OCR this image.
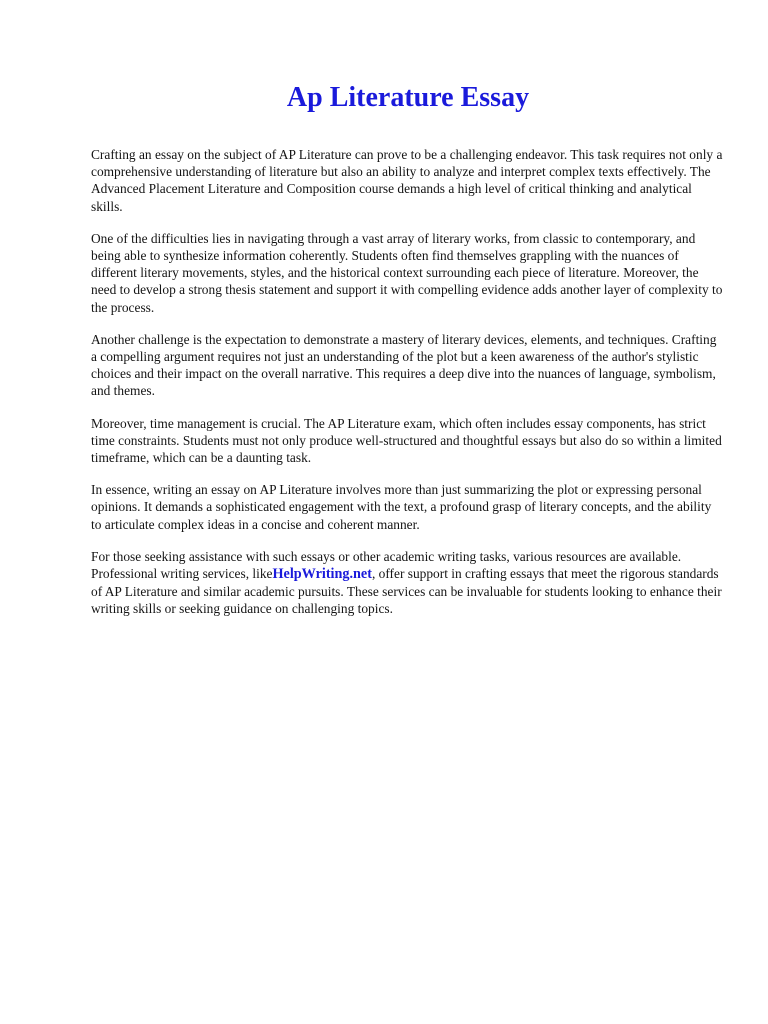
Ap Literature Essay

Crafting an essay on the subject of AP Literature can prove to be a challenging endeavor. This task requires not only a comprehensive understanding of literature but also an ability to analyze and interpret complex texts effectively. The Advanced Placement Literature and Composition course demands a high level of critical thinking and analytical skills.

One of the difficulties lies in navigating through a vast array of literary works, from classic to contemporary, and being able to synthesize information coherently. Students often find themselves grappling with the nuances of different literary movements, styles, and the historical context surrounding each piece of literature. Moreover, the need to develop a strong thesis statement and support it with compelling evidence adds another layer of complexity to the process.

Another challenge is the expectation to demonstrate a mastery of literary devices, elements, and techniques. Crafting a compelling argument requires not just an understanding of the plot but a keen awareness of the author's stylistic choices and their impact on the overall narrative. This requires a deep dive into the nuances of language, symbolism, and themes.

Moreover, time management is crucial. The AP Literature exam, which often includes essay components, has strict time constraints. Students must not only produce well-structured and thoughtful essays but also do so within a limited timeframe, which can be a daunting task.

In essence, writing an essay on AP Literature involves more than just summarizing the plot or expressing personal opinions. It demands a sophisticated engagement with the text, a profound grasp of literary concepts, and the ability to articulate complex ideas in a concise and coherent manner.

For those seeking assistance with such essays or other academic writing tasks, various resources are available. Professional writing services, likeHelpWriting.net, offer support in crafting essays that meet the rigorous standards of AP Literature and similar academic pursuits. These services can be invaluable for students looking to enhance their writing skills or seeking guidance on challenging topics.
